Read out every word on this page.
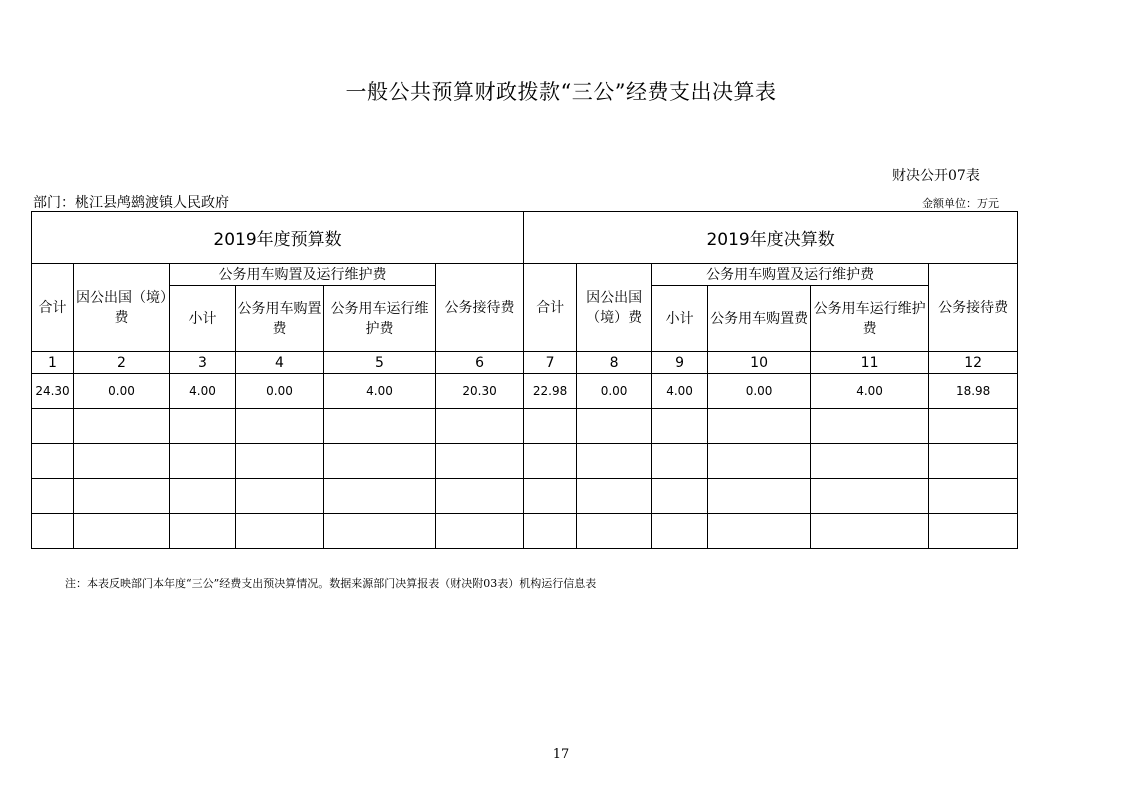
一般公共预算财政拨款“三公”经费支出决算表
财决公开07表
部门：桃江县鸬鹚渡镇人民政府	金额单位：万元
2019年度预算数						2019年度决算数					
合计	因公出国（境）费	公务用车购置及运行维护费			公务接待费	合计	因公出国（境）费	公务用车购置及运行维护费			公务接待费
		小计	公务用车购置费	公务用车运行维护费				小计	公务用车购置费	公务用车运行维护费	
1	2	3	4	5	6	7	8	9	10	11	12
24.30	0.00	4.00	0.00	4.00	20.30	22.98	0.00	4.00	0.00	4.00	18.98

注：本表反映部门本年度“三公”经费支出预决算情况。数据来源部门决算报表（财决附03表）机构运行信息表
17
